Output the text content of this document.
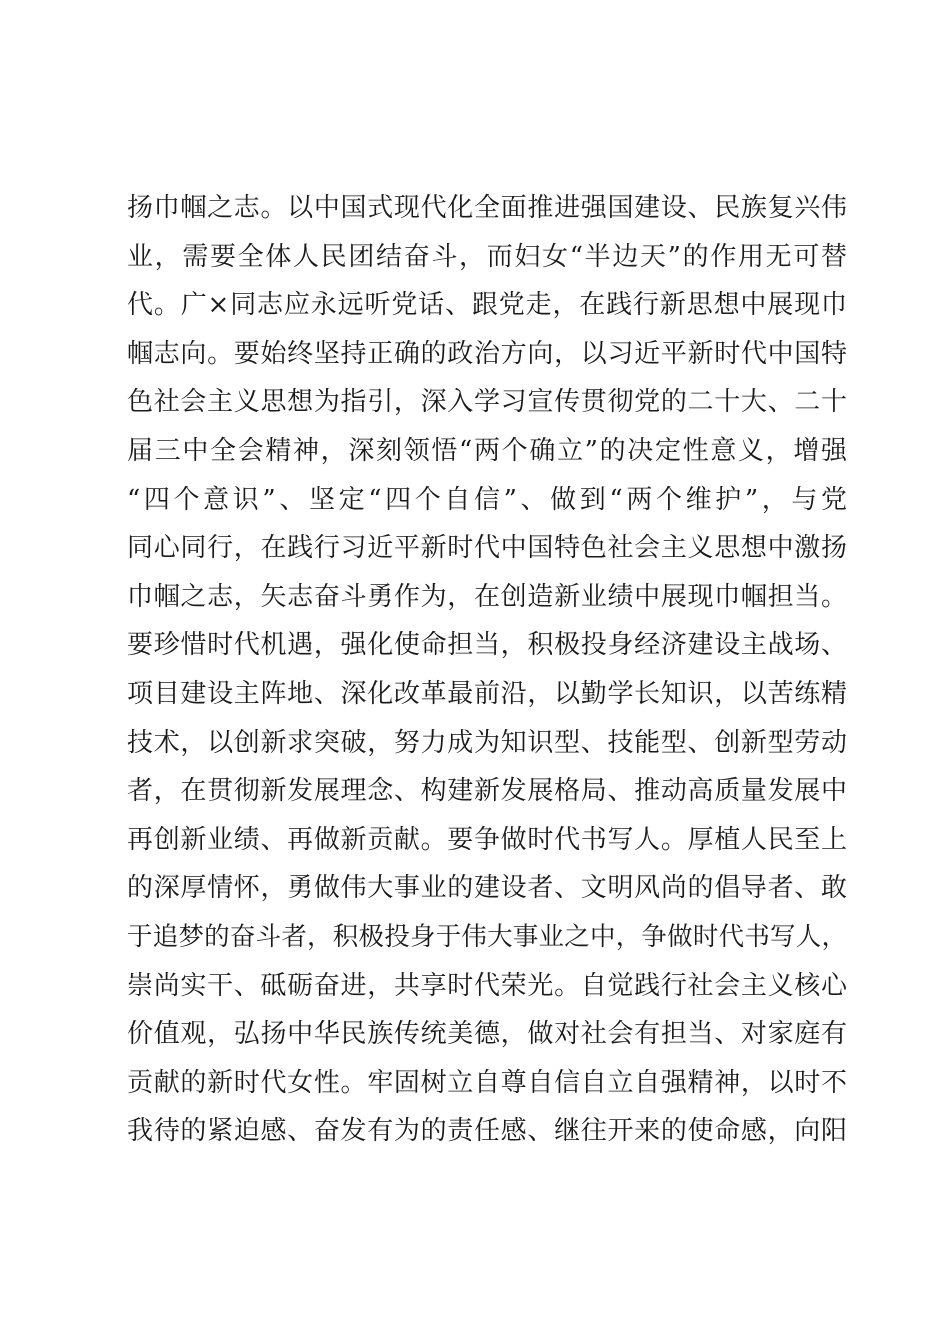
扬巾帼之志。以中国式现代化全面推进强国建设、民族复兴伟
业，需要全体人民团结奋斗，而妇女“半边天”的作用无可替
代。广×同志应永远听党话、跟党走，在践行新思想中展现巾
帼志向。要始终坚持正确的政治方向，以习近平新时代中国特
色社会主义思想为指引，深入学习宣传贯彻党的二十大、二十
届三中全会精神，深刻领悟“两个确立”的决定性意义，增强
“四个意识”、坚定“四个自信”、做到“两个维护”，与党
同心同行，在践行习近平新时代中国特色社会主义思想中激扬
巾帼之志，矢志奋斗勇作为，在创造新业绩中展现巾帼担当。
要珍惜时代机遇，强化使命担当，积极投身经济建设主战场、
项目建设主阵地、深化改革最前沿，以勤学长知识，以苦练精
技术，以创新求突破，努力成为知识型、技能型、创新型劳动
者，在贯彻新发展理念、构建新发展格局、推动高质量发展中
再创新业绩、再做新贡献。要争做时代书写人。厚植人民至上
的深厚情怀，勇做伟大事业的建设者、文明风尚的倡导者、敢
于追梦的奋斗者，积极投身于伟大事业之中，争做时代书写人，
崇尚实干、砥砺奋进，共享时代荣光。自觉践行社会主义核心
价值观，弘扬中华民族传统美德，做对社会有担当、对家庭有
贡献的新时代女性。牢固树立自尊自信自立自强精神，以时不
我待的紧迫感、奋发有为的责任感、继往开来的使命感，向阳
